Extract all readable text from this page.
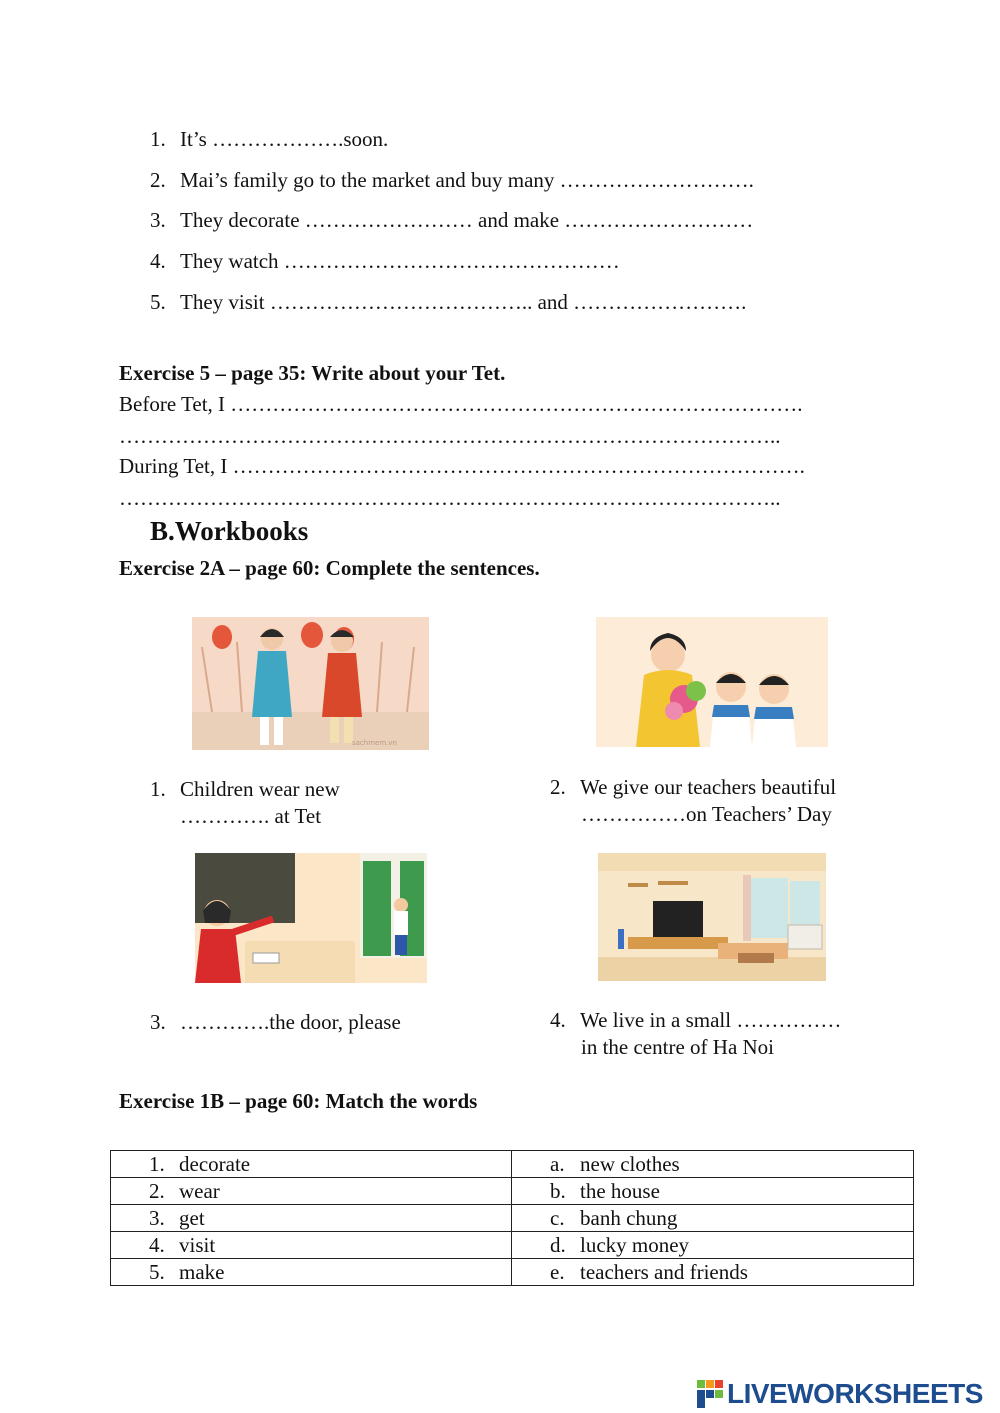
1. It’s ……………….soon.
2. Mai’s family go to the market and buy many ……………………….
3. They decorate …………………… and make ………………………
4. They watch …………………………………………
5. They visit ……………………………….. and …………………….
Exercise 5 – page 35: Write about your Tet.
Before Tet, I ……………………………………………………………………….
…………………………………………………………………………………..
During Tet, I ……………………………………………………………………….
…………………………………………………………………………………..
B.Workbooks
Exercise 2A – page 60: Complete the sentences.
sachmem.vn
1. Children wear new
…………. at Tet
2. We give our teachers beautiful
……………on Teachers’ Day
3. ………….the door, please	4. We live in a small ……………
in the centre of Ha Noi
Exercise 1B – page 60: Match the words
1. decorate	a. new clothes
2. wear	b. the house
3. get	c. banh chung
4. visit	d. lucky money
5. make	e. teachers and friends
LIVEWORKSHEETS
